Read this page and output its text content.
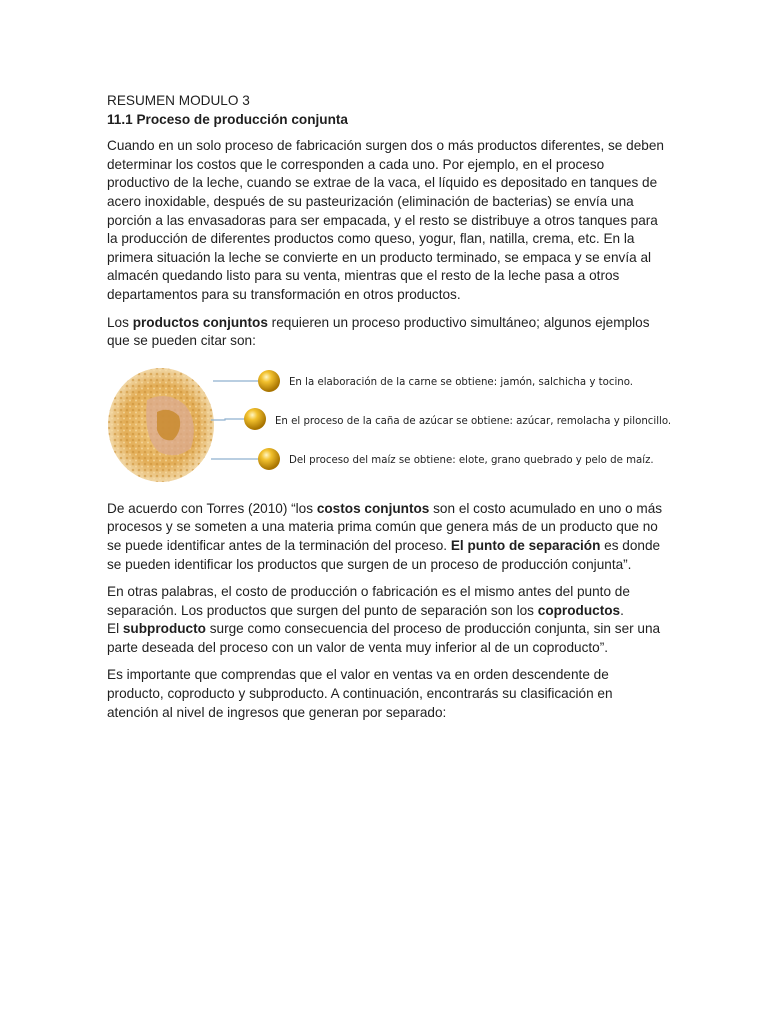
RESUMEN MODULO 3
11.1 Proceso de producción conjunta

Cuando en un solo proceso de fabricación surgen dos o más productos diferentes, se deben determinar los costos que le corresponden a cada uno. Por ejemplo, en el proceso productivo de la leche, cuando se extrae de la vaca, el líquido es depositado en tanques de acero inoxidable, después de su pasteurización (eliminación de bacterias) se envía una porción a las envasadoras para ser empacada, y el resto se distribuye a otros tanques para la producción de diferentes productos como queso, yogur, flan, natilla, crema, etc. En la primera situación la leche se convierte en un producto terminado, se empaca y se envía al almacén quedando listo para su venta, mientras que el resto de la leche pasa a otros departamentos para su transformación en otros productos.

Los productos conjuntos requieren un proceso productivo simultáneo; algunos ejemplos que se pueden citar son:

En la elaboración de la carne se obtiene: jamón, salchicha y tocino.
En el proceso de la caña de azúcar se obtiene: azúcar, remolacha y piloncillo.
Del proceso del maíz se obtiene: elote, grano quebrado y pelo de maíz.

De acuerdo con Torres (2010) “los costos conjuntos son el costo acumulado en uno o más procesos y se someten a una materia prima común que genera más de un producto que no se puede identificar antes de la terminación del proceso. El punto de separación es donde se pueden identificar los productos que surgen de un proceso de producción conjunta”.

En otras palabras, el costo de producción o fabricación es el mismo antes del punto de separación. Los productos que surgen del punto de separación son los coproductos.
El subproducto surge como consecuencia del proceso de producción conjunta, sin ser una parte deseada del proceso con un valor de venta muy inferior al de un coproducto”.

Es importante que comprendas que el valor en ventas va en orden descendente de producto, coproducto y subproducto. A continuación, encontrarás su clasificación en atención al nivel de ingresos que generan por separado:
